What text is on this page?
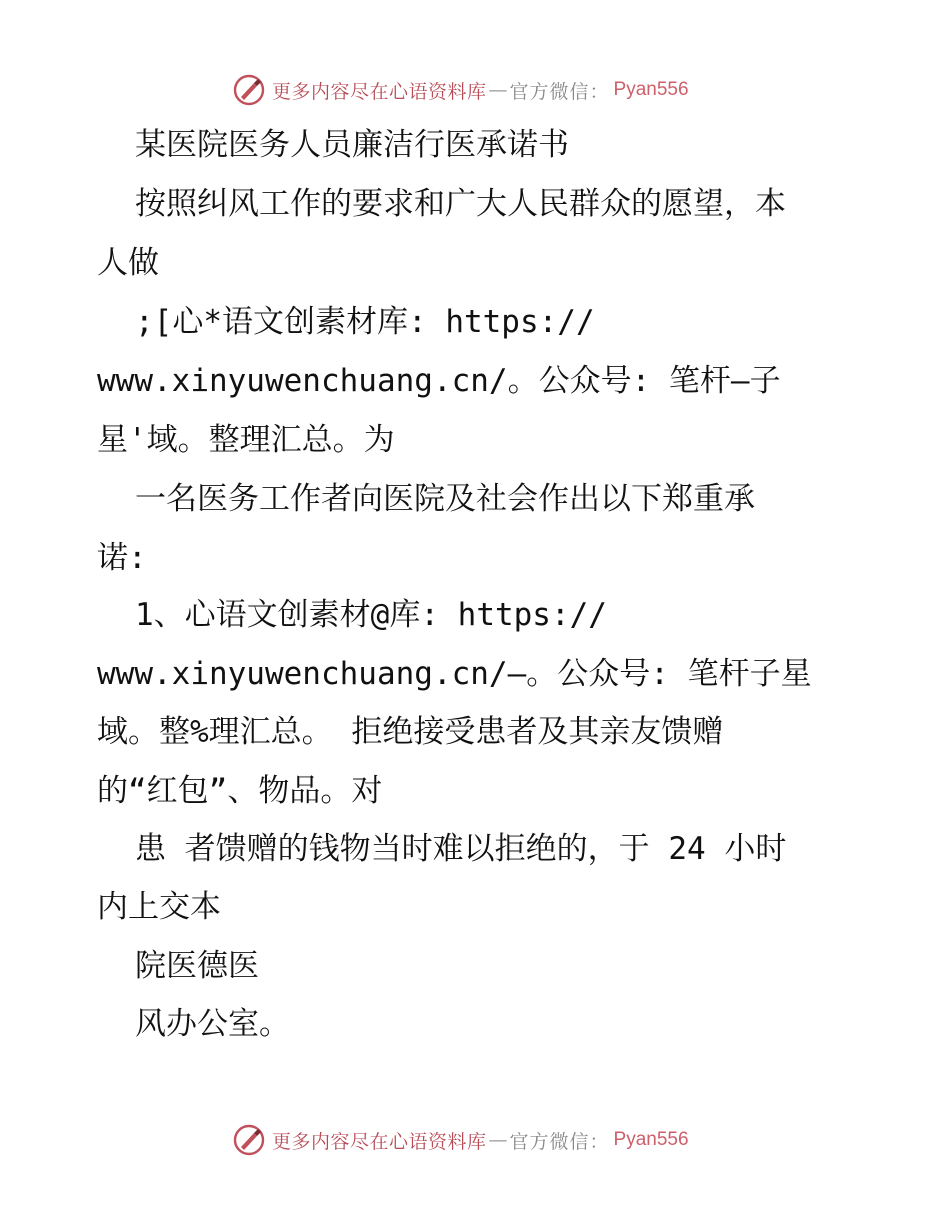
更多内容尽在心语资料库 — 官方微信： Pyan556
某医院医务人员廉洁行医承诺书
按照纠风工作的要求和广大人民群众的愿望，本
人做
;[心*语文创素材库: https://
www.xinyuwenchuang.cn/。公众号: 笔杆—子
星'域。整理汇总。为
一名医务工作者向医院及社会作出以下郑重承
诺:
1、心语文创素材@库: https://
www.xinyuwenchuang.cn/—。公众号: 笔杆子星
域。整%理汇总。 拒绝接受患者及其亲友馈赠
的“红包”、物品。对
患 者馈赠的钱物当时难以拒绝的，于 24 小时
内上交本
院医德医
风办公室。
更多内容尽在心语资料库 — 官方微信： Pyan556
